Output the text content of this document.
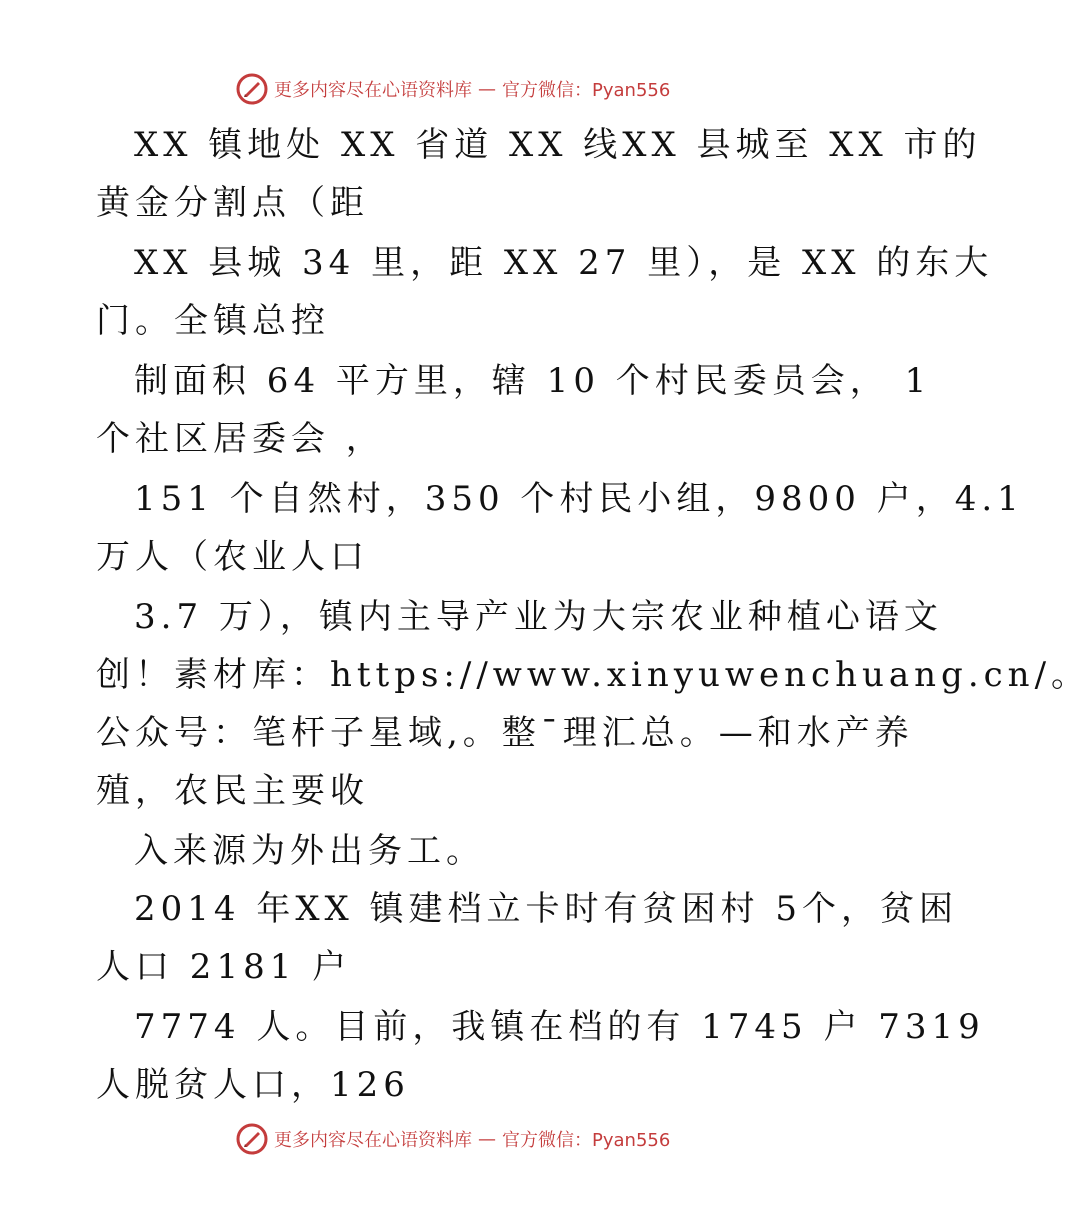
更多内容尽在心语资料库 — 官方微信：Pyan556
XX 镇地处 XX 省道 XX 线XX 县城至 XX 市的
黄金分割点（距
XX 县城 34 里，距 XX 27 里），是 XX 的东大
门。全镇总控
制面积 64 平方里，辖 10 个村民委员会， 1
个社区居委会 ，
151 个自然村，350 个村民小组，9800 户，4.1
万人（农业人口
3.7 万），镇内主导产业为大宗农业种植心语文
创！素材库：https://www.xinyuwenchuang.cn/。
公众号：笔杆子星域,。整¯理汇总。—和水产养
殖，农民主要收
入来源为外出务工。
2014 年XX 镇建档立卡时有贫困村 5个，贫困
人口 2181 户
7774 人。目前，我镇在档的有 1745 户 7319
人脱贫人口，126
更多内容尽在心语资料库 — 官方微信：Pyan556
